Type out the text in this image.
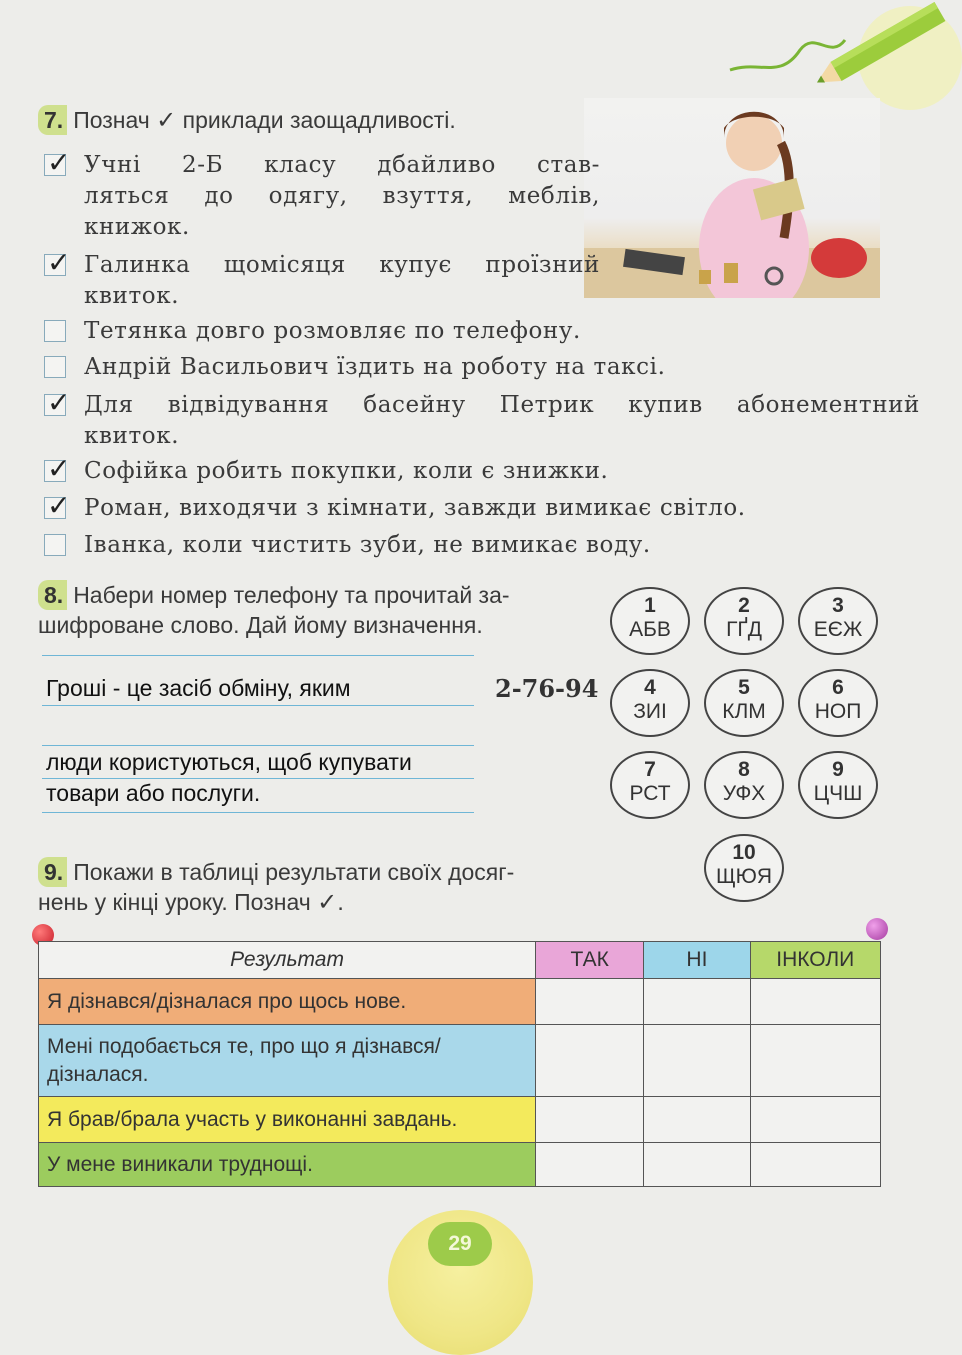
7. Познач ✓ приклади заощадливості.
✓ Учні 2-Б класу дбайливо став-
ляться до одягу, взуття, меблів,
книжок.
✓ Галинка щомісяця купує проїзний
квиток.
Тетянка довго розмовляє по телефону.
Андрій Васильович їздить на роботу на таксі.
✓ Для відвідування басейну Петрик купив абонементний
квиток.
✓ Софійка робить покупки, коли є знижки.
✓ Роман, виходячи з кімнати, завжди вимикає світло.
Іванка, коли чистить зуби, не вимикає воду.
8. Набери номер телефону та прочитай за-
шифроване слово. Дай йому визначення.
Гроші - це засіб обміну, яким
люди користуються, щоб купувати
товари або послуги.
2-76-94
1
АБВ
2
ГҐД
3
ЕЄЖ
4
ЗИІ
5
КЛМ
6
НОП
7
РСТ
8
УФХ
9
ЦЧШ
10
ЩЮЯ
9. Покажи в таблиці результати своїх досяг-
нень у кінці уроку. Познач ✓.
Результат	ТАК	НІ	ІНКОЛИ
Я дізнався/дізналася про щось нове.			
Мені подобається те, про що я дізнався/ дізналася.			
Я брав/брала участь у виконанні завдань.			
У мене виникали труднощі.			
29
